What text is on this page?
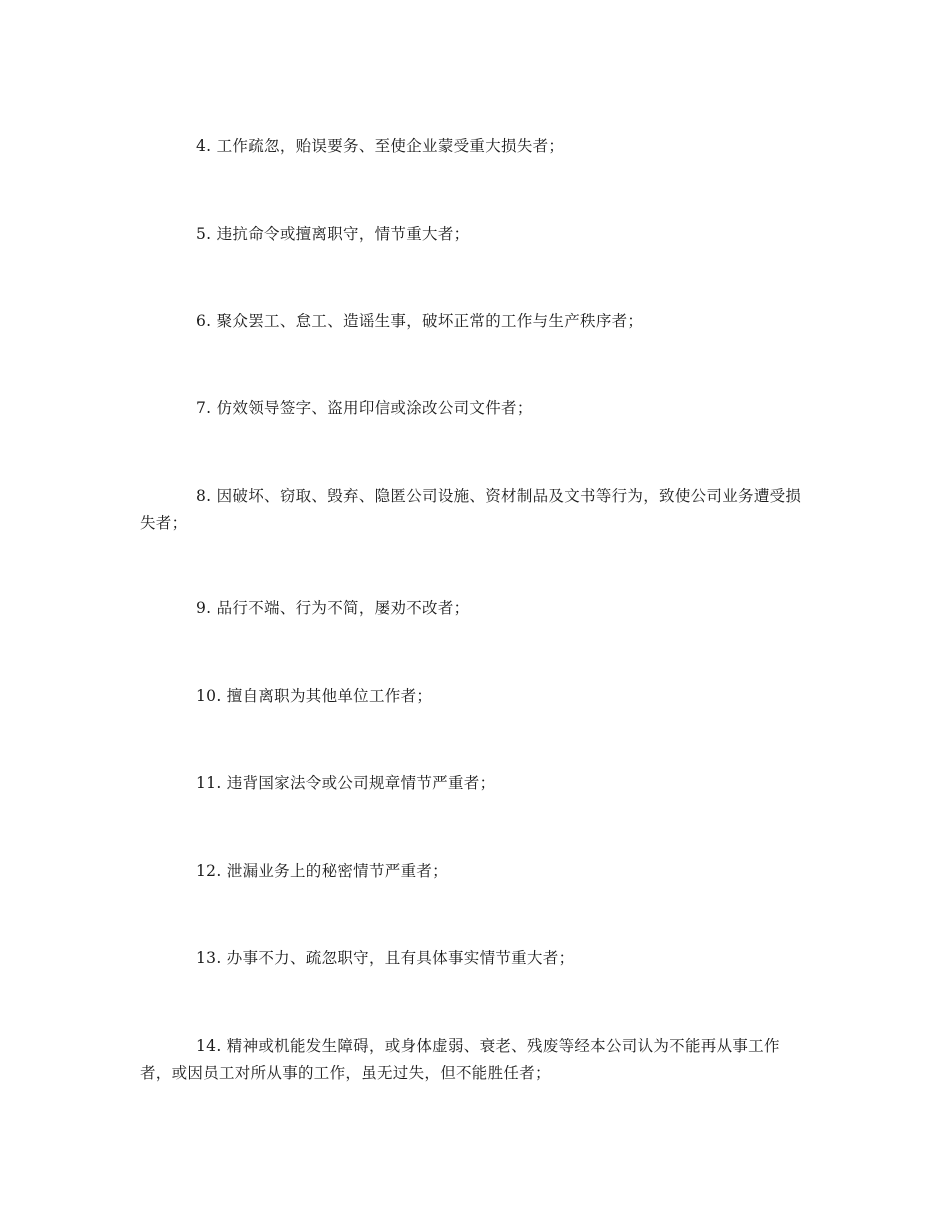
4. 工作疏忽，贻误要务、至使企业蒙受重大损失者；

5. 违抗命令或擅离职守，情节重大者；

6. 聚众罢工、怠工、造谣生事，破坏正常的工作与生产秩序者；

7. 仿效领导签字、盗用印信或涂改公司文件者；

8. 因破坏、窃取、毁弃、隐匿公司设施、资材制品及文书等行为，致使公司业务遭受损失者；

9. 品行不端、行为不简，屡劝不改者；

10. 擅自离职为其他单位工作者；

11. 违背国家法令或公司规章情节严重者；

12. 泄漏业务上的秘密情节严重者；

13. 办事不力、疏忽职守，且有具体事实情节重大者；

14. 精神或机能发生障碍，或身体虚弱、衰老、残废等经本公司认为不能再从事工作者，或因员工对所从事的工作，虽无过失，但不能胜任者；
